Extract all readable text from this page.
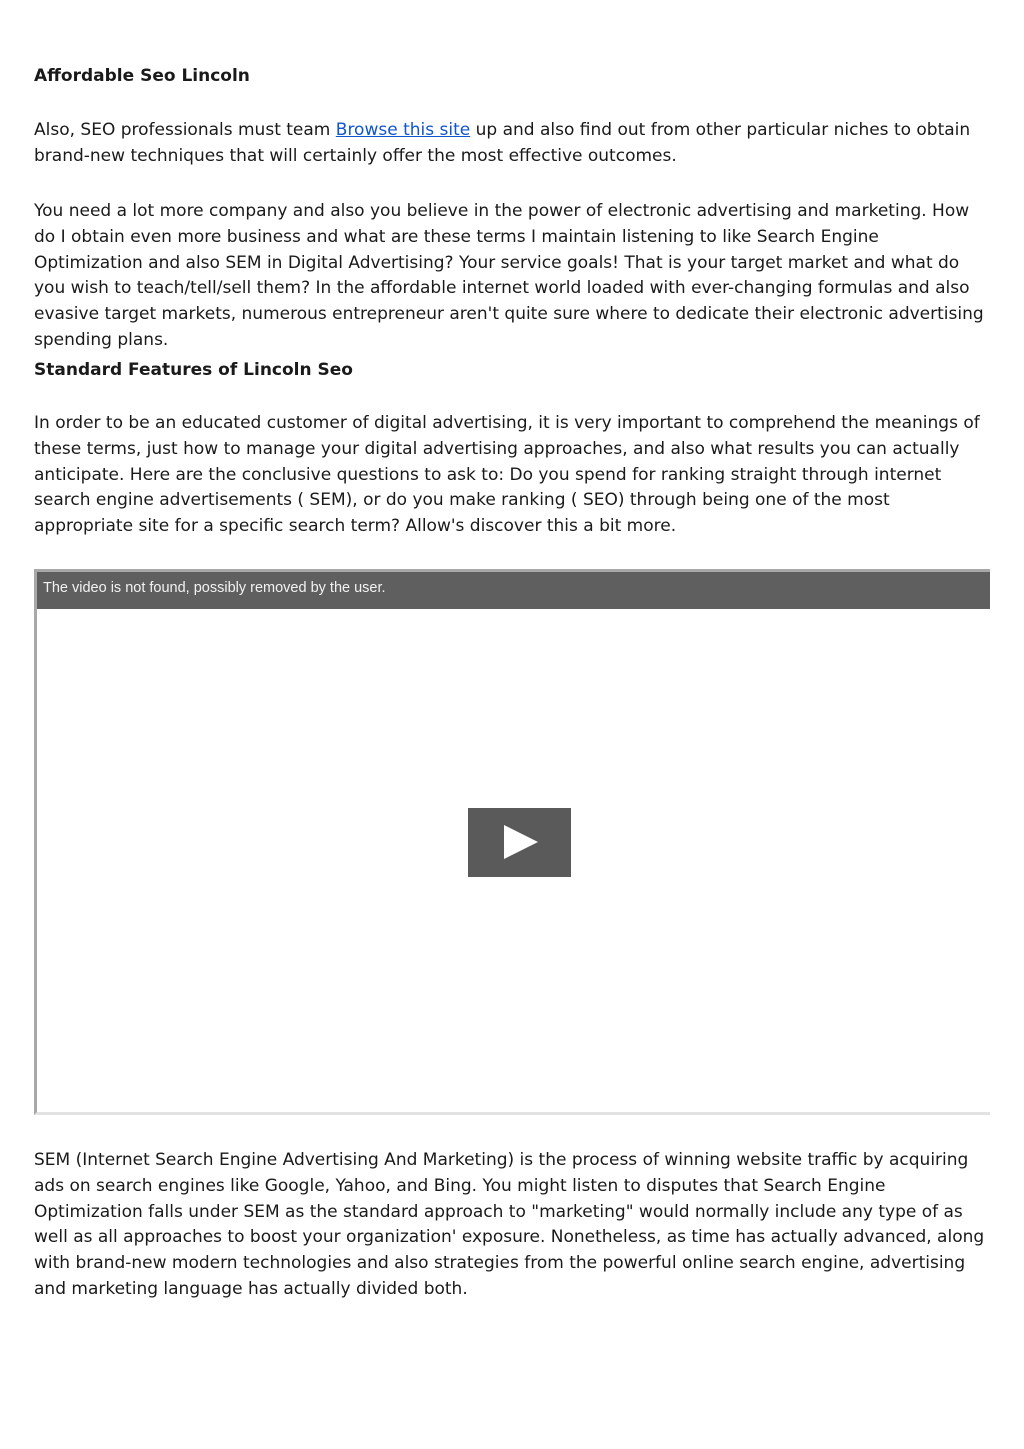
Affordable Seo Lincoln

Also, SEO professionals must team Browse this site up and also find out from other particular niches to obtain brand-new techniques that will certainly offer the most effective outcomes.

You need a lot more company and also you believe in the power of electronic advertising and marketing. How do I obtain even more business and what are these terms I maintain listening to like Search Engine Optimization and also SEM in Digital Advertising? Your service goals! That is your target market and what do you wish to teach/tell/sell them? In the affordable internet world loaded with ever-changing formulas and also evasive target markets, numerous entrepreneur aren't quite sure where to dedicate their electronic advertising spending plans.

Standard Features of Lincoln Seo

In order to be an educated customer of digital advertising, it is very important to comprehend the meanings of these terms, just how to manage your digital advertising approaches, and also what results you can actually anticipate. Here are the conclusive questions to ask to: Do you spend for ranking straight through internet search engine advertisements ( SEM), or do you make ranking ( SEO) through being one of the most appropriate site for a specific search term? Allow's discover this a bit more.

The video is not found, possibly removed by the user.

SEM (Internet Search Engine Advertising And Marketing) is the process of winning website traffic by acquiring ads on search engines like Google, Yahoo, and Bing. You might listen to disputes that Search Engine Optimization falls under SEM as the standard approach to "marketing" would normally include any type of as well as all approaches to boost your organization' exposure. Nonetheless, as time has actually advanced, along with brand-new modern technologies and also strategies from the powerful online search engine, advertising and marketing language has actually divided both.
